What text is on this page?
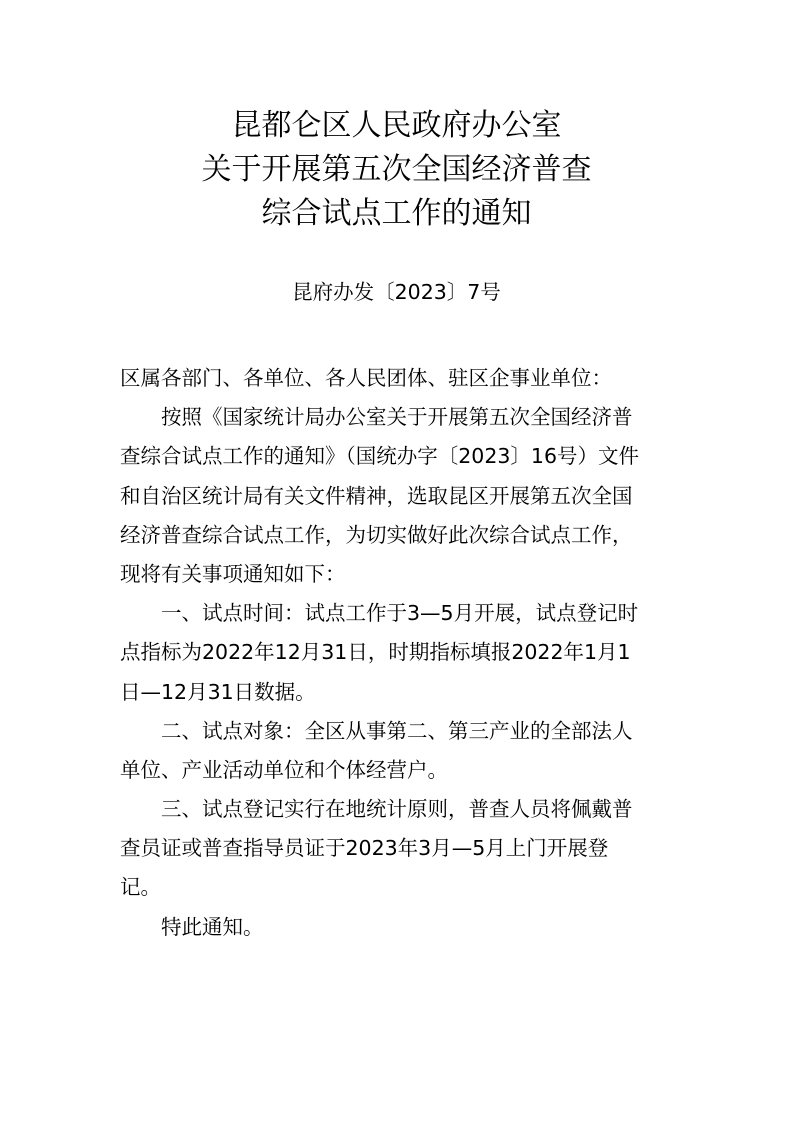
昆都仑区人民政府办公室
关于开展第五次全国经济普查
综合试点工作的通知
昆府办发〔2023〕7号
区属各部门、各单位、各人民团体、驻区企事业单位：
按照《国家统计局办公室关于开展第五次全国经济普
查综合试点工作的通知》（国统办字〔2023〕16号）文件
和自治区统计局有关文件精神，选取昆区开展第五次全国
经济普查综合试点工作，为切实做好此次综合试点工作，
现将有关事项通知如下：
一、试点时间：试点工作于3—5月开展，试点登记时
点指标为2022年12月31日，时期指标填报2022年1月1
日—12月31日数据。
二、试点对象：全区从事第二、第三产业的全部法人
单位、产业活动单位和个体经营户。
三、试点登记实行在地统计原则，普查人员将佩戴普
查员证或普查指导员证于2023年3月—5月上门开展登
记。
特此通知。
